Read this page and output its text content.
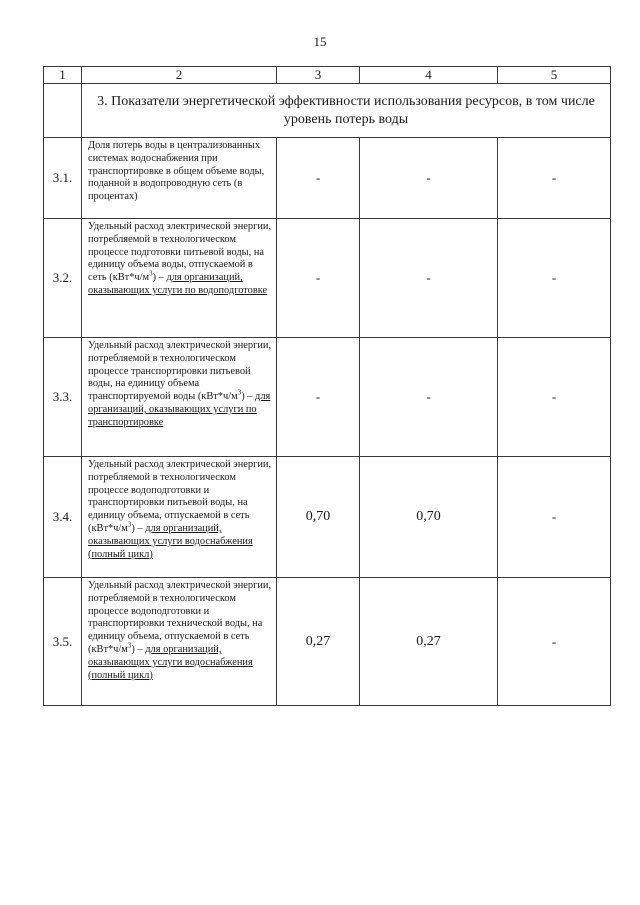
15
1	2	3	4	5
	3. Показатели энергетической эффективности использования ресурсов, в том числе уровень потерь воды			
3.1.	Доля потерь воды в централизованных системах водоснабжения при транспортировке в общем объеме воды, поданной в водопроводную сеть (в процентах)	-	-	-
3.2.	Удельный расход электрической энергии, потребляемой в технологическом процессе подготовки питьевой воды, на единицу объема воды, отпускаемой в сеть $(кВт*ч/м^3)$ – для организаций, оказывающих услуги по водоподготовке	-	-	-
3.3.	Удельный расход электрической энергии, потребляемой в технологическом процессе транспортировки питьевой воды, на единицу объема транспортируемой воды $(кВт*ч/м^3)$ – для организаций, оказывающих услуги по транспортировке	-	-	-
3.4.	Удельный расход электрической энергии, потребляемой в технологическом процессе водоподготовки и транспортировки питьевой воды, на единицу объема, отпускаемой в сеть $(кВт*ч/м^3)$ – для организаций, оказывающих услуги водоснабжения (полный цикл)	0,70	0,70	-
3.5.	Удельный расход электрической энергии, потребляемой в технологическом процессе водоподготовки и транспортировки технической воды, на единицу объема, отпускаемой в сеть $(кВт*ч/м^3)$ – для организаций, оказывающих услуги водоснабжения (полный цикл)	0,27	0,27	-
